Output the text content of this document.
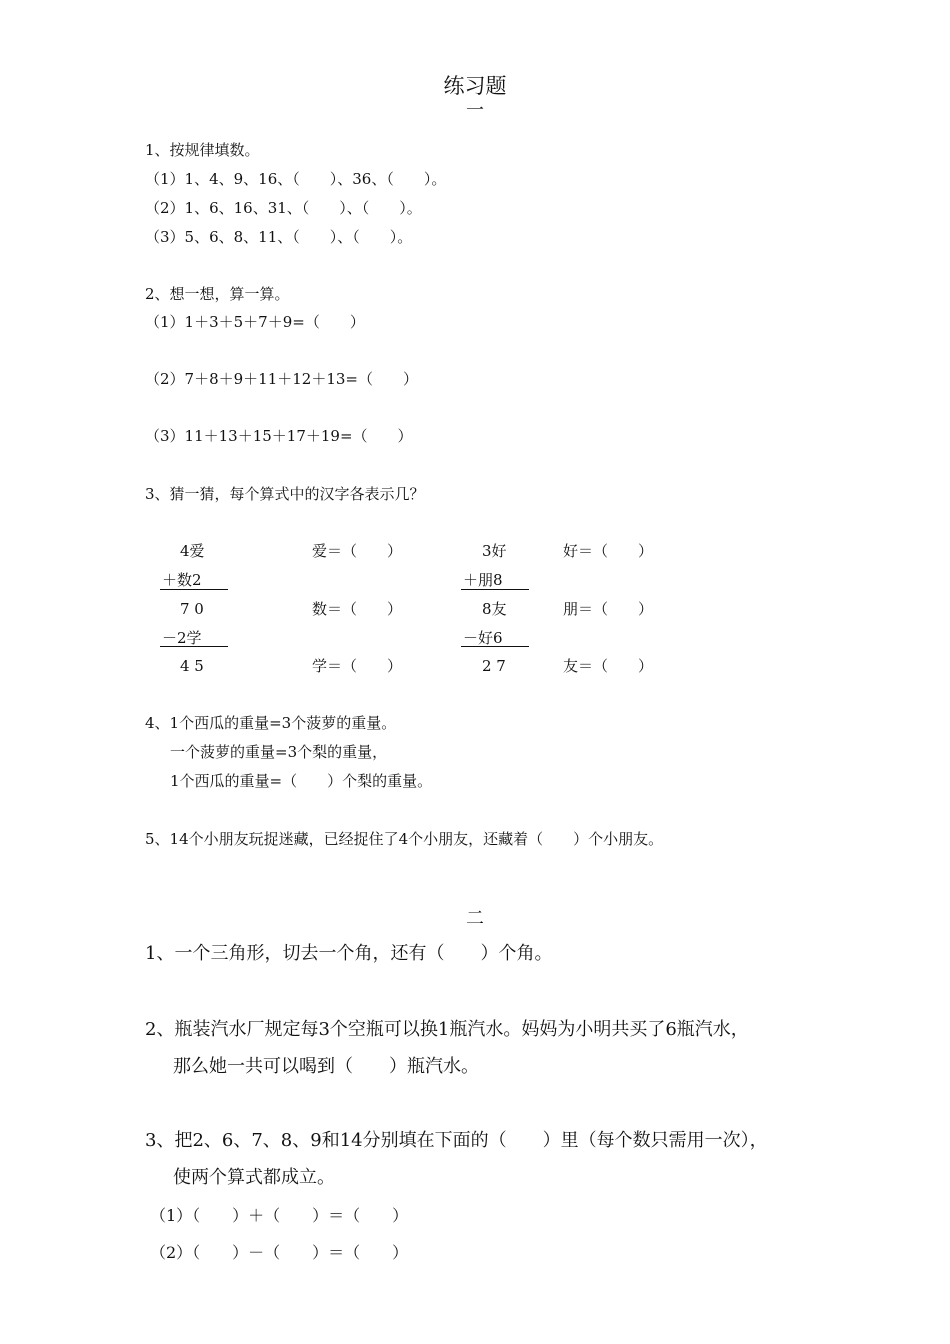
练习题
一
1、按规律填数。
（1）1、4、9、16、（　　）、36、（　　）。
（2）1、6、16、31、（　　）、（　　）。
（3）5、6、8、11、（　　）、（　　）。
2、想一想，算一算。
（1）1＋3＋5＋7＋9=（　　）
（2）7＋8＋9＋11＋12＋13=（　　）
（3）11＋13＋15＋17＋19=（　　）
3、猜一猜，每个算式中的汉字各表示几？
4爱
＋数2
7 0
－2学
4 5
爱＝（　　）
数＝（　　）
学＝（　　）
3好
＋朋8
8友
－好6
2 7
好＝（　　）
朋＝（　　）
友＝（　　）
4、1个西瓜的重量=3个菠萝的重量。
一个菠萝的重量=3个梨的重量，
1个西瓜的重量=（　　）个梨的重量。
5、14个小朋友玩捉迷藏，已经捉住了4个小朋友，还藏着（　　）个小朋友。
二
1、一个三角形，切去一个角，还有（　　）个角。
2、瓶装汽水厂规定每3个空瓶可以换1瓶汽水。妈妈为小明共买了6瓶汽水，
那么她一共可以喝到（　　）瓶汽水。
3、把2、6、7、8、9和14分别填在下面的（　　）里（每个数只需用一次），
使两个算式都成立。
（1）（　　）＋（　　）＝（　　）
（2）（　　）－（　　）＝（　　）
